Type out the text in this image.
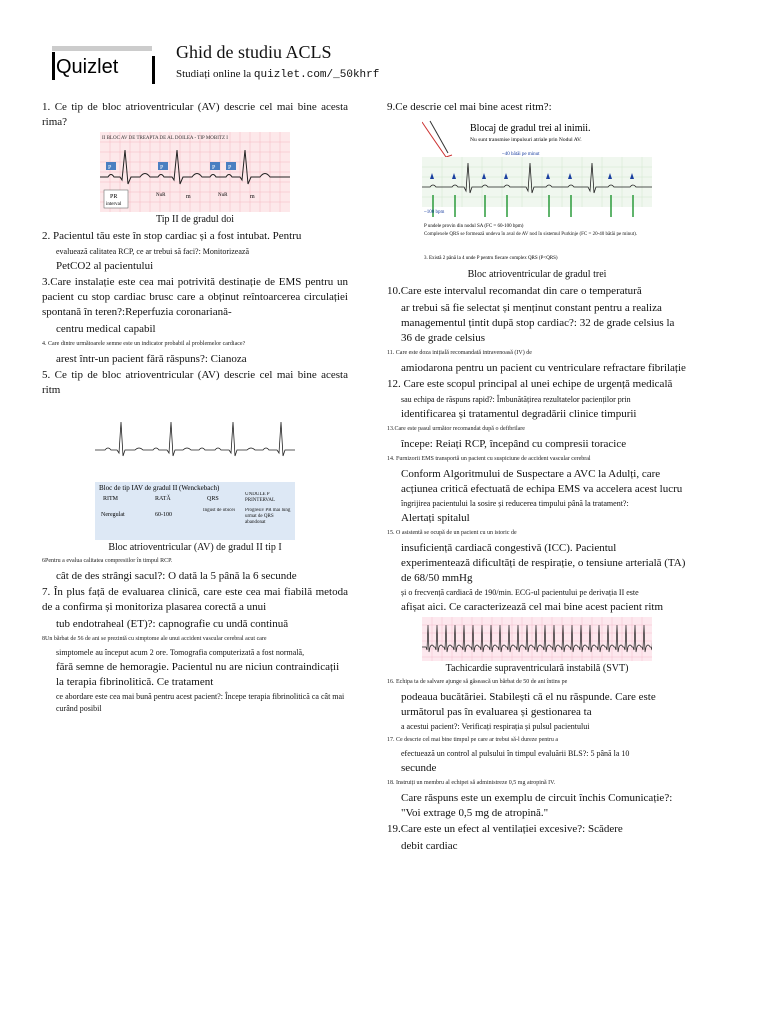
Quizlet
Ghid de studiu ACLS
Studiați online la quizlet.com/_50khrf

1. Ce tip de bloc atrioventricular (AV) descrie cel mai bine acesta rima?

II BLOC AV DE TREAPTA DE AL DOILEA - TIP MOBITZ I
P	P	P P
PR
interval
NuR	m	NuR	m
Tip II de gradul doi

2. Pacientul tău este în stop cardiac și a fost intubat. Pentru

evaluează calitatea RCP, ce ar trebui să faci?: Monitorizează

PetCO2 al pacientului

3.Care instalație este cea mai potrivită destinație de EMS pentru un pacient cu stop cardiac brusc care a obținut reîntoarcerea circulației spontană în teren?:Reperfuzia coronariană-

centru medical capabil

4. Care dintre următoarele semne este un indicator probabil al problemelor cardiace?

arest într-un pacient fără răspuns?: Cianoza

5. Ce tip de bloc atrioventricular (AV) descrie cel mai bine acesta ritm

Bloc de tip IAV de gradul II (Wenckebach)
RITM	RATĂ	QRS
UNDULE P PRINTERVAL
Neregulat	60-100
Îngust de obicei	Progresiv PR mai lung urmat de QRS abandonat
Bloc atrioventricular (AV) de gradul II tip I

6Pentru a evalua calitatea compresiilor în timpul RCP.

cât de des strângi sacul?: O dată la 5 până la 6 secunde

7. În plus față de evaluarea clinică, care este cea mai fiabilă metoda de a confirma și monitoriza plasarea corectă a unui

tub endotraheal (ET)?: capnografie cu undă continuă

8Un bărbat de 56 de ani se prezintă cu simptome ale unui accident vascular cerebral acut care

simptomele au început acum 2 ore. Tomografia computerizată a fost normală,

fără semne de hemoragie. Pacientul nu are niciun contraindicații la terapia fibrinolitică. Ce tratament

ce abordare este cea mai bună pentru acest pacient?: Începe terapia fibrinolitică ca cât mai curând posibil

9.Ce descrie cel mai bine acest ritm?:

Blocaj de gradul trei al inimii.
Nu sunt transmise impulsuri atriale prin Nodul AV.
~40 bătăi pe minut
~100 bpm
P undele provin din nodul SA (FC = 60-100 bpm)
Complexele QRS se formează undeva în aval de AV nod în sistemul Purkinje (FC = 20-40 bătăi pe minut).
3. Există 2 până la 4 unde P pentru fiecare complex QRS (P<QRS)
Bloc atrioventricular de gradul trei

10.Care este intervalul recomandat din care o temperatură

ar trebui să fie selectat și menținut constant pentru a realiza managementul țintit după stop cardiac?: 32 de grade celsius la 36 de grade celsius

11. Care este doza inițială recomandată intravenoasă (IV) de

amiodarona pentru un pacient cu ventriculare refractare fibrilație

12. Care este scopul principal al unei echipe de urgență medicală

sau echipa de răspuns rapid?: Îmbunătățirea rezultatelor pacienților prin

identificarea și tratamentul degradării clinice timpurii

13.Care este pasul următor recomandat după o defibrilare

începe: Reiați RCP, începând cu compresii toracice

14. Furnizorii EMS transportă un pacient cu suspiciune de accident vascular cerebral

Conform Algoritmului de Suspectare a AVC la Adulți, care acțiunea critică efectuată de echipa EMS va accelera acest lucru

îngrijirea pacientului la sosire și reducerea timpului până la tratament?:

Alertați spitalul

15. O asistentă se ocupă de un pacient cu un istoric de

insuficiență cardiacă congestivă (ICC). Pacientul experimentează dificultăți de respirație, o tensiune arterială (TA) de 68/50 mmHg

și o frecvență cardiacă de 190/min. ECG-ul pacientului pe derivația II este

afișat aici. Ce caracterizează cel mai bine acest pacient ritm

Tachicardie supraventriculară instabilă (SVT)

16. Echipa ta de salvare ajunge să găsească un bărbat de 50 de ani întins pe

podeaua bucătăriei. Stabilești că el nu răspunde. Care este următorul pas în evaluarea și gestionarea ta

a acestui pacient?: Verificați respirația și pulsul pacientului

17. Ce descrie cel mai bine timpul pe care ar trebui să-l dureze pentru a

efectuează un control al pulsului în timpul evaluării BLS?: 5 până la 10

secunde

18. Instruiți un membru al echipei să administreze 0,5 mg atropină IV.

Care răspuns este un exemplu de circuit închis Comunicație?: "Voi extrage 0,5 mg de atropină."

19.Care este un efect al ventilației excesive?: Scădere

debit cardiac
